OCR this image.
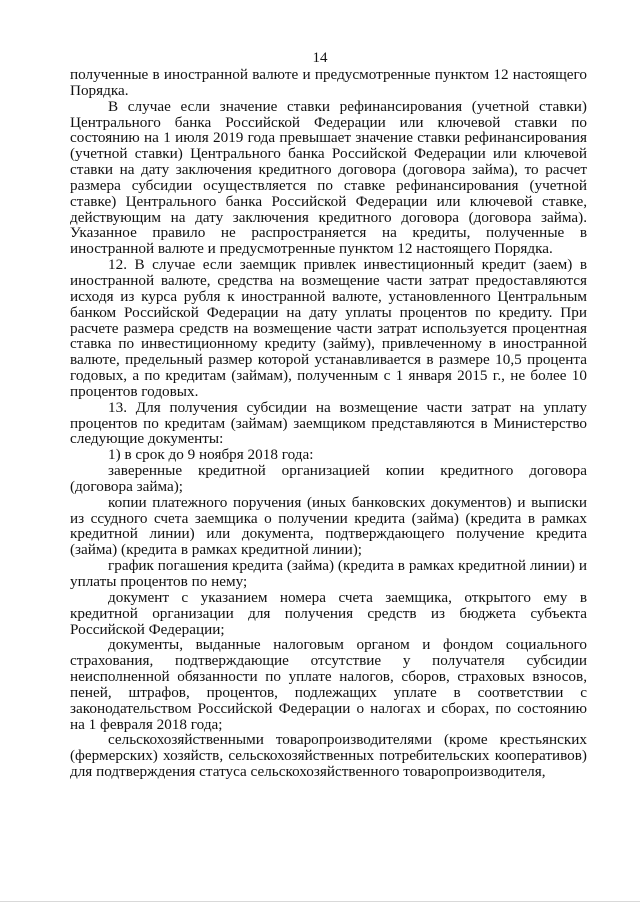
14

полученные в иностранной валюте и предусмотренные пунктом 12 настоящего Порядка.

В случае если значение ставки рефинансирования (учетной ставки) Центрального банка Российской Федерации или ключевой ставки по состоянию на 1 июля 2019 года превышает значение ставки рефинансирования (учетной ставки) Центрального банка Российской Федерации или ключевой ставки на дату заключения кредитного договора (договора займа), то расчет размера субсидии осуществляется по ставке рефинансирования (учетной ставке) Центрального банка Российской Федерации или ключевой ставке, действующим на дату заключения кредитного договора (договора займа). Указанное правило не распространяется на кредиты, полученные в иностранной валюте и предусмотренные пунктом 12 настоящего Порядка.

12. В случае если заемщик привлек инвестиционный кредит (заем) в иностранной валюте, средства на возмещение части затрат предоставляются исходя из курса рубля к иностранной валюте, установленного Центральным банком Российской Федерации на дату уплаты процентов по кредиту. При расчете размера средств на возмещение части затрат используется процентная ставка по инвестиционному кредиту (займу), привлеченному в иностранной валюте, предельный размер которой устанавливается в размере 10,5 процента годовых, а по кредитам (займам), полученным с 1 января 2015 г., не более 10 процентов годовых.

13. Для получения субсидии на возмещение части затрат на уплату процентов по кредитам (займам) заемщиком представляются в Министерство следующие документы:

1) в срок до 9 ноября 2018 года:

заверенные кредитной организацией копии кредитного договора (договора займа);

копии платежного поручения (иных банковских документов) и выписки из ссудного счета заемщика о получении кредита (займа) (кредита в рамках кредитной линии) или документа, подтверждающего получение кредита (займа) (кредита в рамках кредитной линии);

график погашения кредита (займа) (кредита в рамках кредитной линии) и уплаты процентов по нему;

документ с указанием номера счета заемщика, открытого ему в кредитной организации для получения средств из бюджета субъекта Российской Федерации;

документы, выданные налоговым органом и фондом социального страхования, подтверждающие отсутствие у получателя субсидии неисполненной обязанности по уплате налогов, сборов, страховых взносов, пеней, штрафов, процентов, подлежащих уплате в соответствии с законодательством Российской Федерации о налогах и сборах, по состоянию на 1 февраля 2018 года;

сельскохозяйственными товаропроизводителями (кроме крестьянских (фермерских) хозяйств, сельскохозяйственных потребительских кооперативов) для подтверждения статуса сельскохозяйственного товаропроизводителя,
